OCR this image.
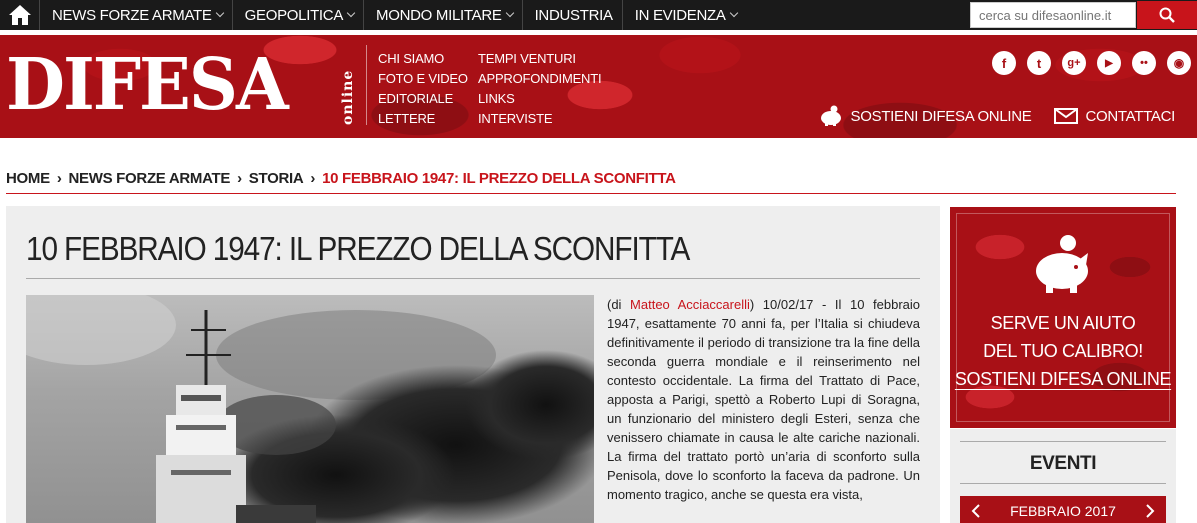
NEWS FORZE ARMATE GEOPOLITICA MONDO MILITARE INDUSTRIA IN EVIDENZA
cerca su difesaonline.it
DIFESA	online
CHI SIAMO
FOTO E VIDEO
EDITORIALE
LETTERE
TEMPI VENTURI
APPROFONDIMENTI
LINKS
INTERVISTE
f	t	g+	▶	••	◉
SOSTIENI DIFESA ONLINE	CONTATTACI
HOME › NEWS FORZE ARMATE › STORIA › 10 FEBBRAIO 1947: IL PREZZO DELLA SCONFITTA
10 FEBBRAIO 1947: IL PREZZO DELLA SCONFITTA

(di Matteo Acciaccarelli) 10/02/17 - Il 10 febbraio 1947, esattamente 70 anni fa, per l’Italia si chiudeva definitivamente il periodo di transizione tra la fine della seconda guerra mondiale e il reinserimento nel contesto occidentale. La firma del Trattato di Pace, apposta a Parigi, spettò a Roberto Lupi di Soragna, un funzionario del ministero degli Esteri, senza che venissero chiamate in causa le alte cariche nazionali. La firma del trattato portò un’aria di sconforto sulla Penisola, dove lo sconforto la faceva da padrone. Un momento tragico, anche se questa era vista,

SERVE UN AIUTO
DEL TUO CALIBRO!
SOSTIENI DIFESA ONLINE
EVENTI
FEBBRAIO 2017
